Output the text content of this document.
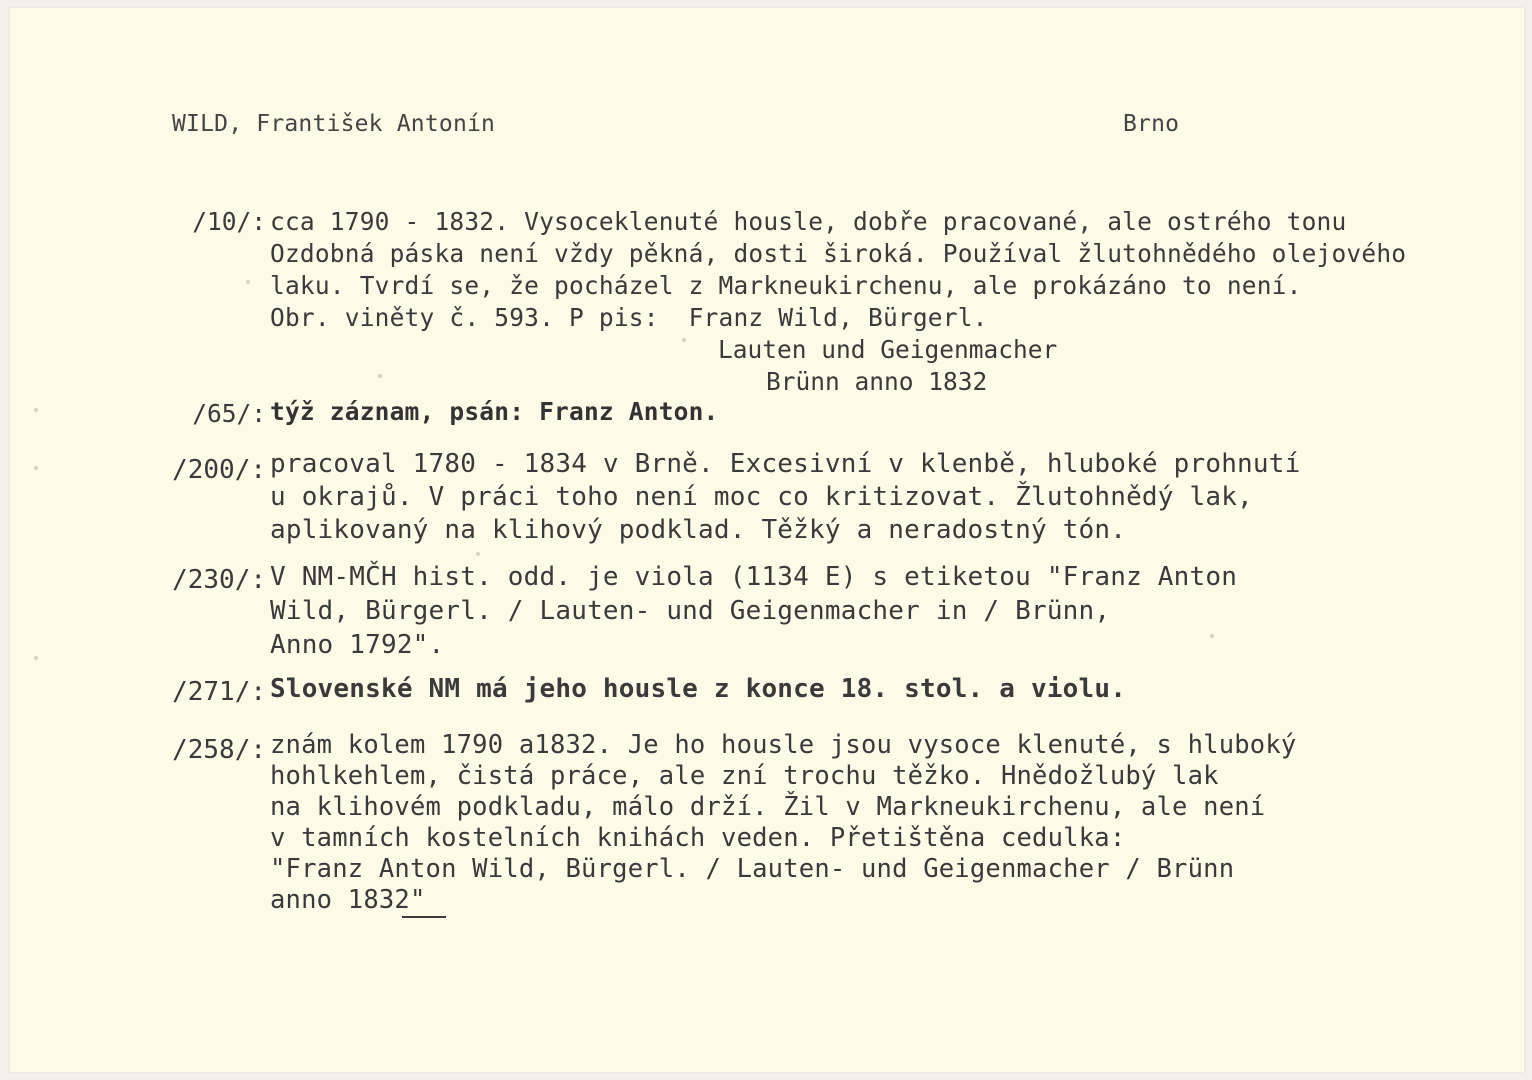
WILD, František Antonín	Brno
/10/: cca 1790 - 1832. Vysoceklenuté housle, dobře pracované, ale ostrého tonu
Ozdobná páska není vždy pěkná, dosti široká. Používal žlutohnědého olejového
laku. Tvrdí se, že pocházel z Markneukirchenu, ale prokázáno to není.
Obr. viněty č. 593. P pis:  Franz Wild, Bürgerl.
Lauten und Geigenmacher
Brünn anno 1832
/65/: týž záznam, psán: Franz Anton.
/200/: pracoval 1780 - 1834 v Brně. Excesivní v klenbě, hluboké prohnutí
u okrajů. V práci toho není moc co kritizovat. Žlutohnědý lak,
aplikovaný na klihový podklad. Těžký a neradostný tón.
/230/: V NM-MČH hist. odd. je viola (1134 E) s etiketou "Franz Anton
Wild, Bürgerl. / Lauten- und Geigenmacher in / Brünn,
Anno 1792".
/271/: Slovenské NM má jeho housle z konce 18. stol. a violu.
/258/: znám kolem 1790 a1832. Je ho housle jsou vysoce klenuté, s hluboký
hohlkehlem, čistá práce, ale zní trochu těžko. Hnědožlubý lak
na klihovém podkladu, málo drží. Žil v Markneukirchenu, ale není
v tamních kostelních knihách veden. Přetištěna cedulka:
"Franz Anton Wild, Bürgerl. / Lauten- und Geigenmacher / Brünn
anno 1832"
